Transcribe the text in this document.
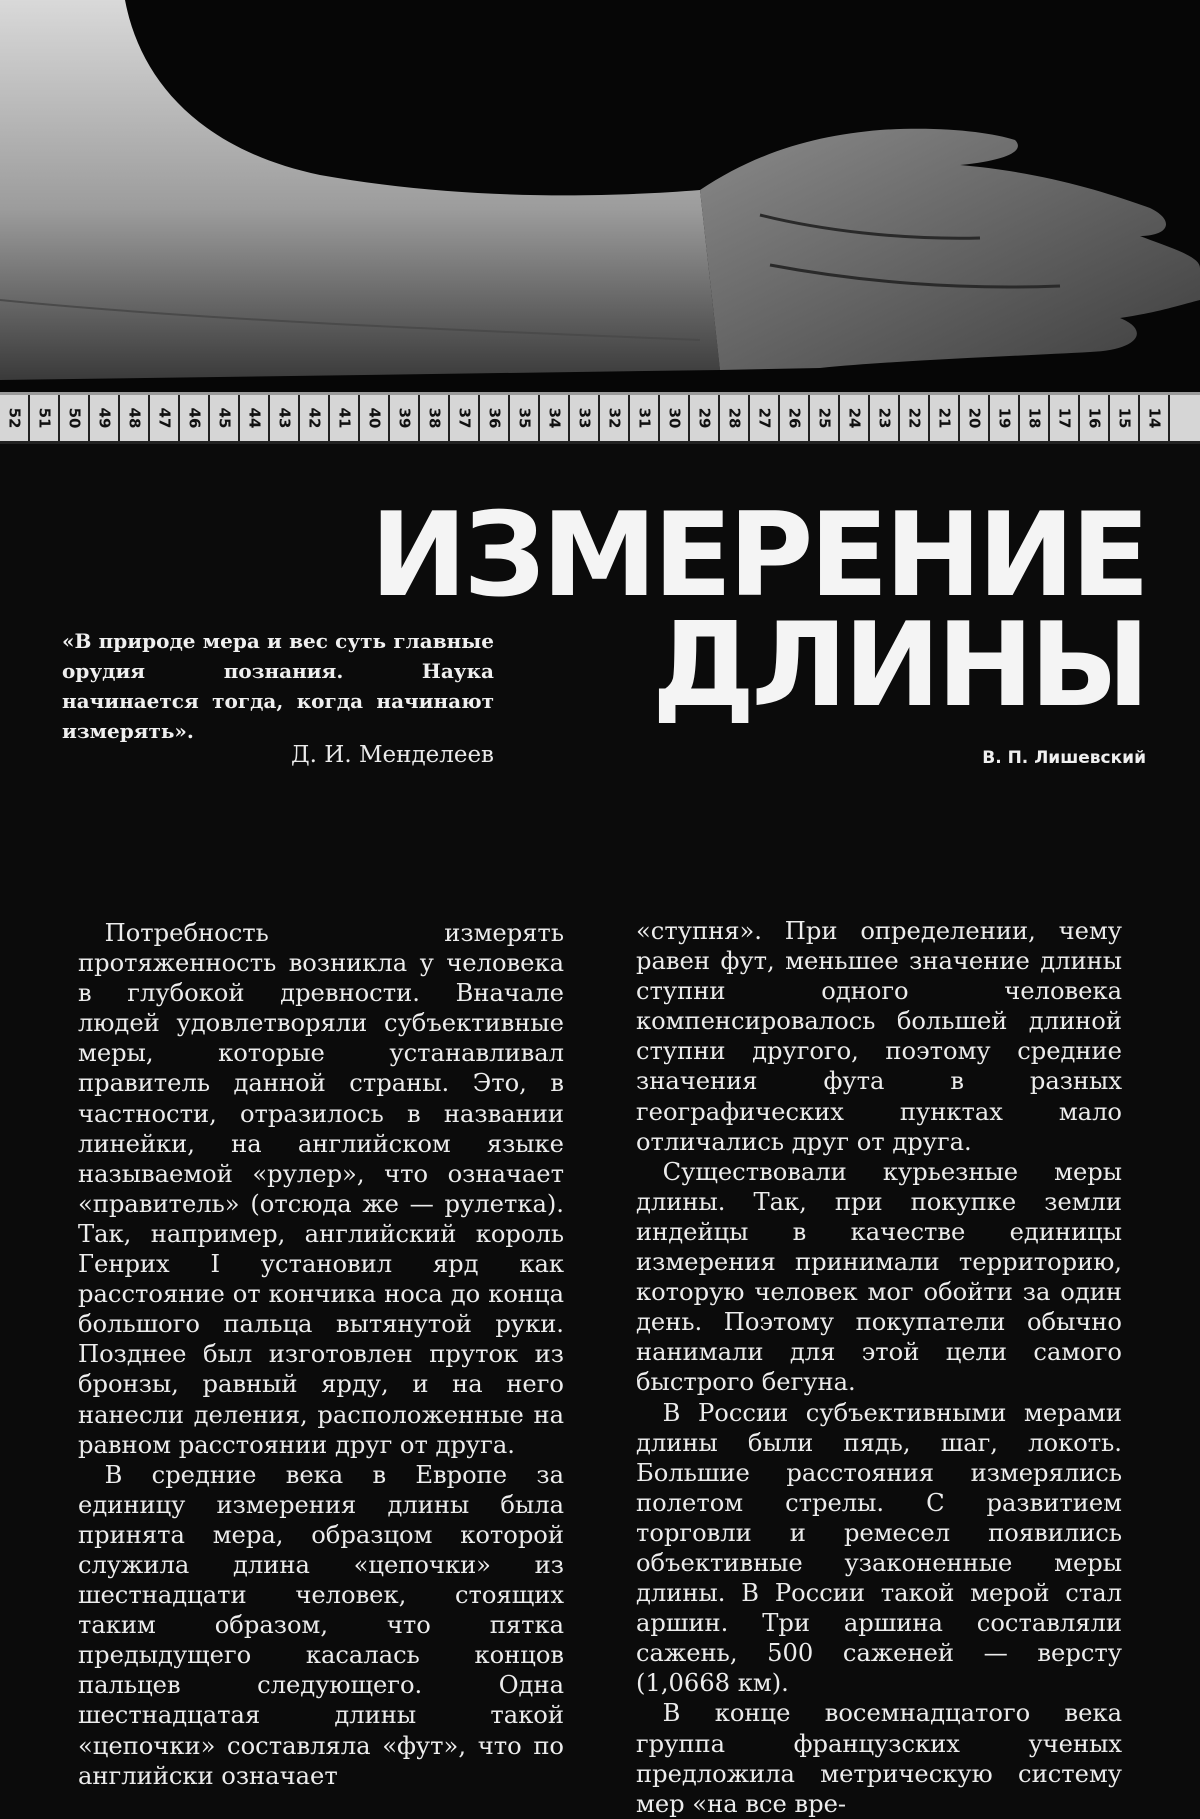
52 51 50 49 48 47 46 45 44 43 42 41 40 39 38 37 36 35 34 33 32 31 30 29 28 27 26 25 24 23 22 21 20 19 18 17 16 15 14
ИЗМЕРЕНИЕ
ДЛИНЫ
В. П. Лишевский
«В природе мера и вес суть главные орудия познания. Наука начинается тогда, когда начинают измерять».
Д. И. Менделеев

Потребность измерять протяженность возникла у человека в глубокой древности. Вначале людей удовлетворяли субъективные меры, которые устанавливал правитель данной страны. Это, в частности, отразилось в названии линейки, на английском языке называемой «рулер», что означает «правитель» (отсюда же — рулетка). Так, например, английский король Генрих I установил ярд как расстояние от кончика носа до конца большого пальца вытянутой руки. Позднее был изготовлен пруток из бронзы, равный ярду, и на него нанесли деления, расположенные на равном расстоянии друг от друга.

В средние века в Европе за единицу измерения длины была принята мера, образцом которой служила длина «цепочки» из шестнадцати человек, стоящих таким образом, что пятка предыдущего касалась концов пальцев следующего. Одна шестнадцатая длины такой «цепочки» составляла «фут», что по английски означает

«ступня». При определении, чему равен фут, меньшее значение длины ступни одного человека компенсировалось большей длиной ступни другого, поэтому средние значения фута в разных географических пунктах мало отличались друг от друга.

Существовали курьезные меры длины. Так, при покупке земли индейцы в качестве единицы измерения принимали территорию, которую человек мог обойти за один день. Поэтому покупатели обычно нанимали для этой цели самого быстрого бегуна.

В России субъективными мерами длины были пядь, шаг, локоть. Большие расстояния измерялись полетом стрелы. С развитием торговли и ремесел появились объективные узаконенные меры длины. В России такой мерой стал аршин. Три аршина составляли сажень, 500 саженей — версту (1,0668 км).

В конце восемнадцатого века группа французских ученых предложила метрическую систему мер «на все вре-
